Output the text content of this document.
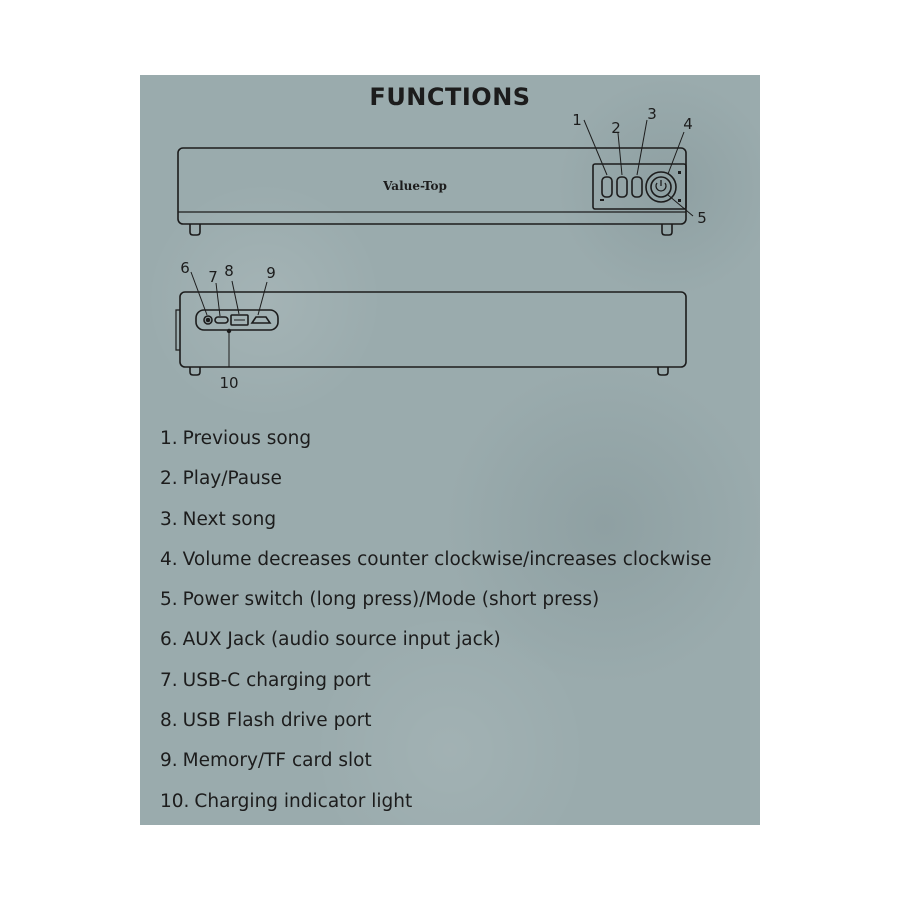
FUNCTIONS
Value-Top
1 2
3
4
5
6 7 8 9
10
1. Previous song
2. Play/Pause
3. Next song
4. Volume decreases counter clockwise/increases clockwise
5. Power switch (long press)/Mode (short press)
6. AUX Jack (audio source input jack)
7. USB-C charging port
8. USB Flash drive port
9. Memory/TF card slot
10. Charging indicator light
